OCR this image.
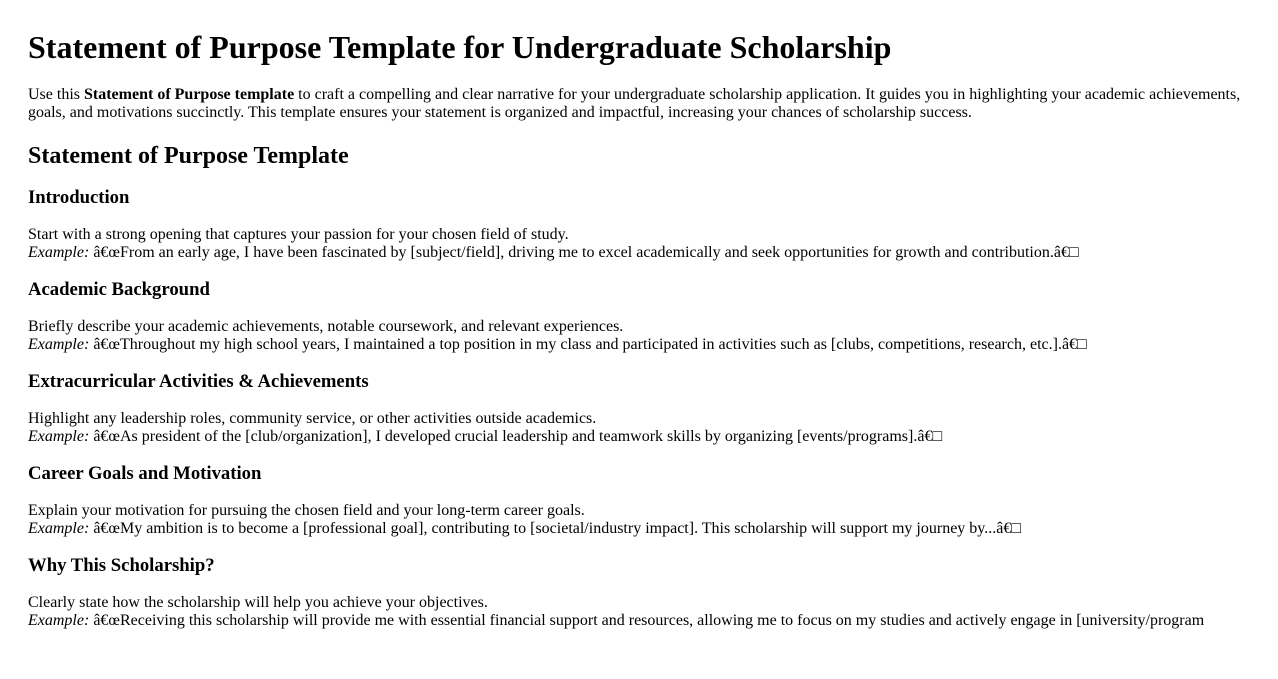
Statement of Purpose Template for Undergraduate Scholarship

Use this Statement of Purpose template to craft a compelling and clear narrative for your undergraduate scholarship application. It guides you in highlighting your academic achievements, goals, and motivations succinctly. This template ensures your statement is organized and impactful, increasing your chances of scholarship success.

Statement of Purpose Template
Introduction

Start with a strong opening that captures your passion for your chosen field of study.
Example: â€œFrom an early age, I have been fascinated by [subject/field], driving me to excel academically and seek opportunities for growth and contribution.â€□

Academic Background

Briefly describe your academic achievements, notable coursework, and relevant experiences.
Example: â€œThroughout my high school years, I maintained a top position in my class and participated in activities such as [clubs, competitions, research, etc.].â€□

Extracurricular Activities & Achievements

Highlight any leadership roles, community service, or other activities outside academics.
Example: â€œAs president of the [club/organization], I developed crucial leadership and teamwork skills by organizing [events/programs].â€□

Career Goals and Motivation

Explain your motivation for pursuing the chosen field and your long-term career goals.
Example: â€œMy ambition is to become a [professional goal], contributing to [societal/industry impact]. This scholarship will support my journey by...â€□

Why This Scholarship?

Clearly state how the scholarship will help you achieve your objectives.
Example: â€œReceiving this scholarship will provide me with essential financial support and resources, allowing me to focus on my studies and actively engage in [university/program
